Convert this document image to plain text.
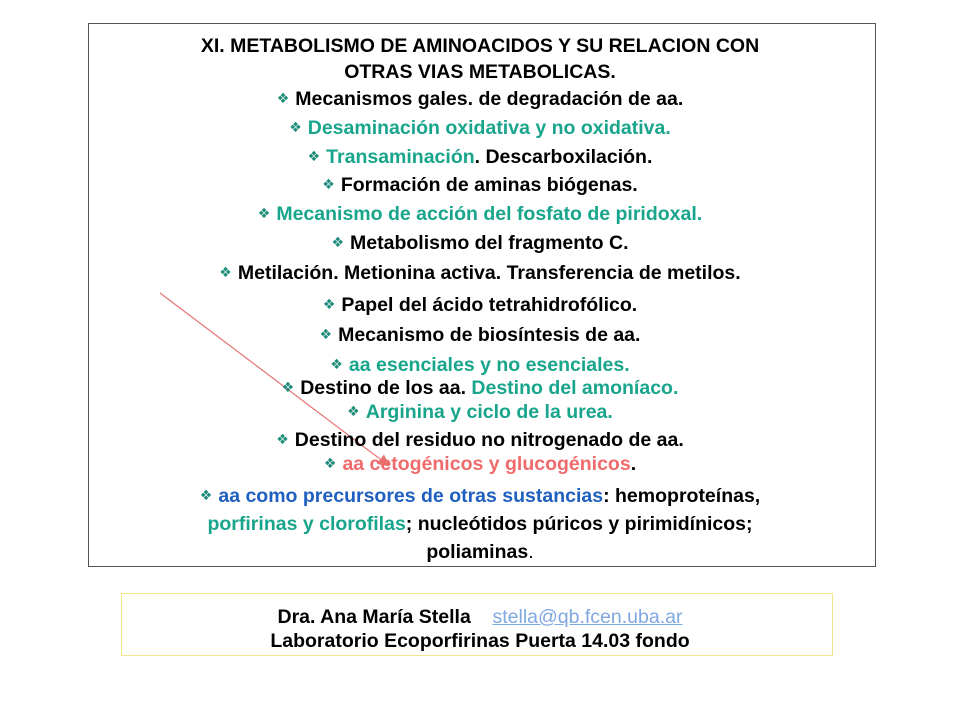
XI. METABOLISMO DE AMINOACIDOS Y SU RELACION CON
OTRAS VIAS METABOLICAS.
❖ Mecanismos gales. de degradación de aa.
❖ Desaminación oxidativa y no oxidativa.
❖ Transaminación. Descarboxilación.
❖ Formación de aminas biógenas.
❖ Mecanismo de acción del fosfato de piridoxal.
❖ Metabolismo del fragmento C.
❖ Metilación. Metionina activa. Transferencia de metilos.
❖ Papel del ácido tetrahidrofólico.
❖ Mecanismo de biosíntesis de aa.
❖ aa esenciales y no esenciales.
❖ Destino de los aa. Destino del amoníaco.
❖ Arginina y ciclo de la urea.
❖ Destino del residuo no nitrogenado de aa.
❖ aa cetogénicos y glucogénicos.
❖ aa como precursores de otras sustancias: hemoproteínas,
porfirinas y clorofilas; nucleótidos púricos y pirimidínicos;
poliaminas.
Dra. Ana María Stella stella@qb.fcen.uba.ar
Laboratorio Ecoporfirinas Puerta 14.03 fondo
